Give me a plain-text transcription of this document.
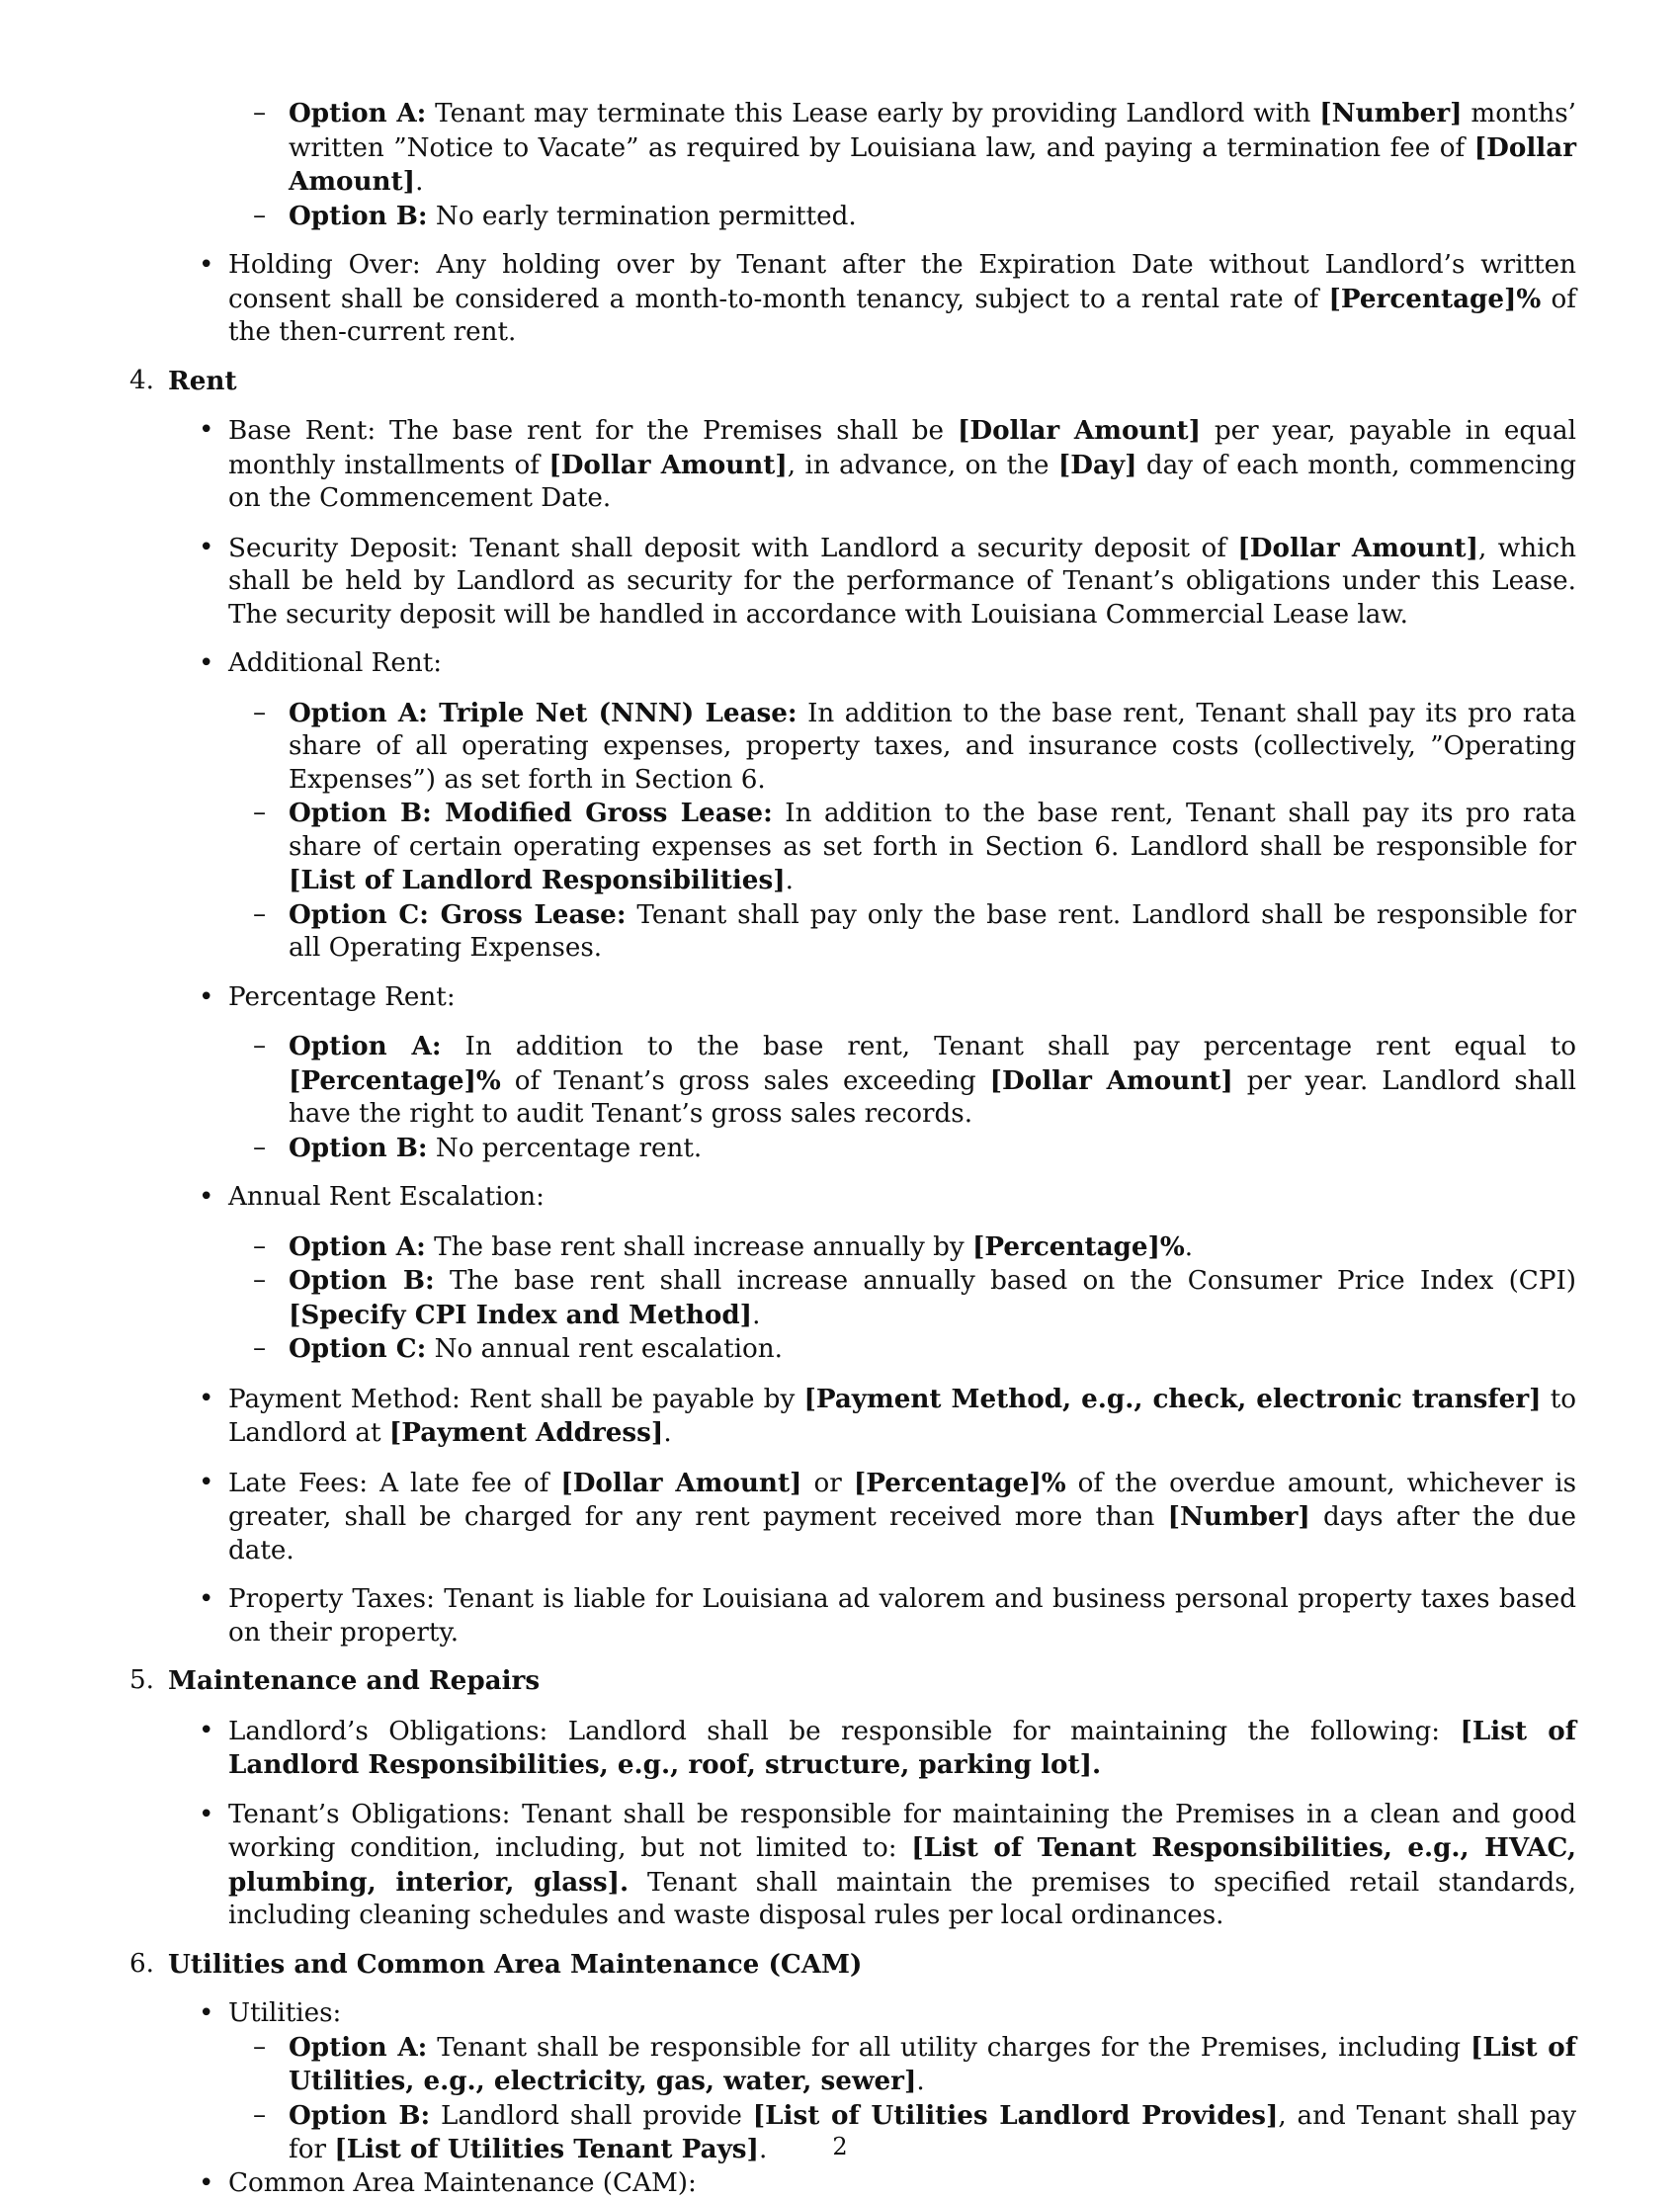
2
– Option A: Tenant may terminate this Lease early by providing Landlord with [Number] months’ written ”Notice to Vacate” as required by Louisiana law, and paying a termination fee of [Dollar Amount].
– Option B: No early termination permitted.
• Holding Over: Any holding over by Tenant after the Expiration Date without Landlord’s written consent shall be considered a month-to-month tenancy, subject to a rental rate of [Percentage]% of the then-current rent.
4. Rent
• Base Rent: The base rent for the Premises shall be [Dollar Amount] per year, payable in equal monthly installments of [Dollar Amount], in advance, on the [Day] day of each month, commencing on the Commencement Date.
• Security Deposit: Tenant shall deposit with Landlord a security deposit of [Dollar Amount], which shall be held by Landlord as security for the performance of Tenant’s obligations under this Lease. The security deposit will be handled in accordance with Louisiana Commercial Lease law.
• Additional Rent:
– Option A: Triple Net (NNN) Lease: In addition to the base rent, Tenant shall pay its pro rata share of all operating expenses, property taxes, and insurance costs (collectively, ”Operating Expenses”) as set forth in Section 6.
– Option B: Modified Gross Lease: In addition to the base rent, Tenant shall pay its pro rata share of certain operating expenses as set forth in Section 6. Landlord shall be responsible for [List of Landlord Responsibilities].
– Option C: Gross Lease: Tenant shall pay only the base rent. Landlord shall be responsible for all Operating Expenses.
• Percentage Rent:
– Option A: In addition to the base rent, Tenant shall pay percentage rent equal to [Percentage]% of Tenant’s gross sales exceeding [Dollar Amount] per year. Landlord shall have the right to audit Tenant’s gross sales records.
– Option B: No percentage rent.
• Annual Rent Escalation:
– Option A: The base rent shall increase annually by [Percentage]%.
– Option B: The base rent shall increase annually based on the Consumer Price Index (CPI) [Specify CPI Index and Method].
– Option C: No annual rent escalation.
• Payment Method: Rent shall be payable by [Payment Method, e.g., check, electronic transfer] to Landlord at [Payment Address].
• Late Fees: A late fee of [Dollar Amount] or [Percentage]% of the overdue amount, whichever is greater, shall be charged for any rent payment received more than [Number] days after the due date.
• Property Taxes: Tenant is liable for Louisiana ad valorem and business personal property taxes based on their property.
5. Maintenance and Repairs
• Landlord’s Obligations: Landlord shall be responsible for maintaining the following: [List of Landlord Responsibilities, e.g., roof, structure, parking lot].
• Tenant’s Obligations: Tenant shall be responsible for maintaining the Premises in a clean and good working condition, including, but not limited to: [List of Tenant Responsibilities, e.g., HVAC, plumbing, interior, glass]. Tenant shall maintain the premises to specified retail standards, including cleaning schedules and waste disposal rules per local ordinances.
6. Utilities and Common Area Maintenance (CAM)
• Utilities:
– Option A: Tenant shall be responsible for all utility charges for the Premises, including [List of Utilities, e.g., electricity, gas, water, sewer].
– Option B: Landlord shall provide [List of Utilities Landlord Provides], and Tenant shall pay for [List of Utilities Tenant Pays].
• Common Area Maintenance (CAM):
